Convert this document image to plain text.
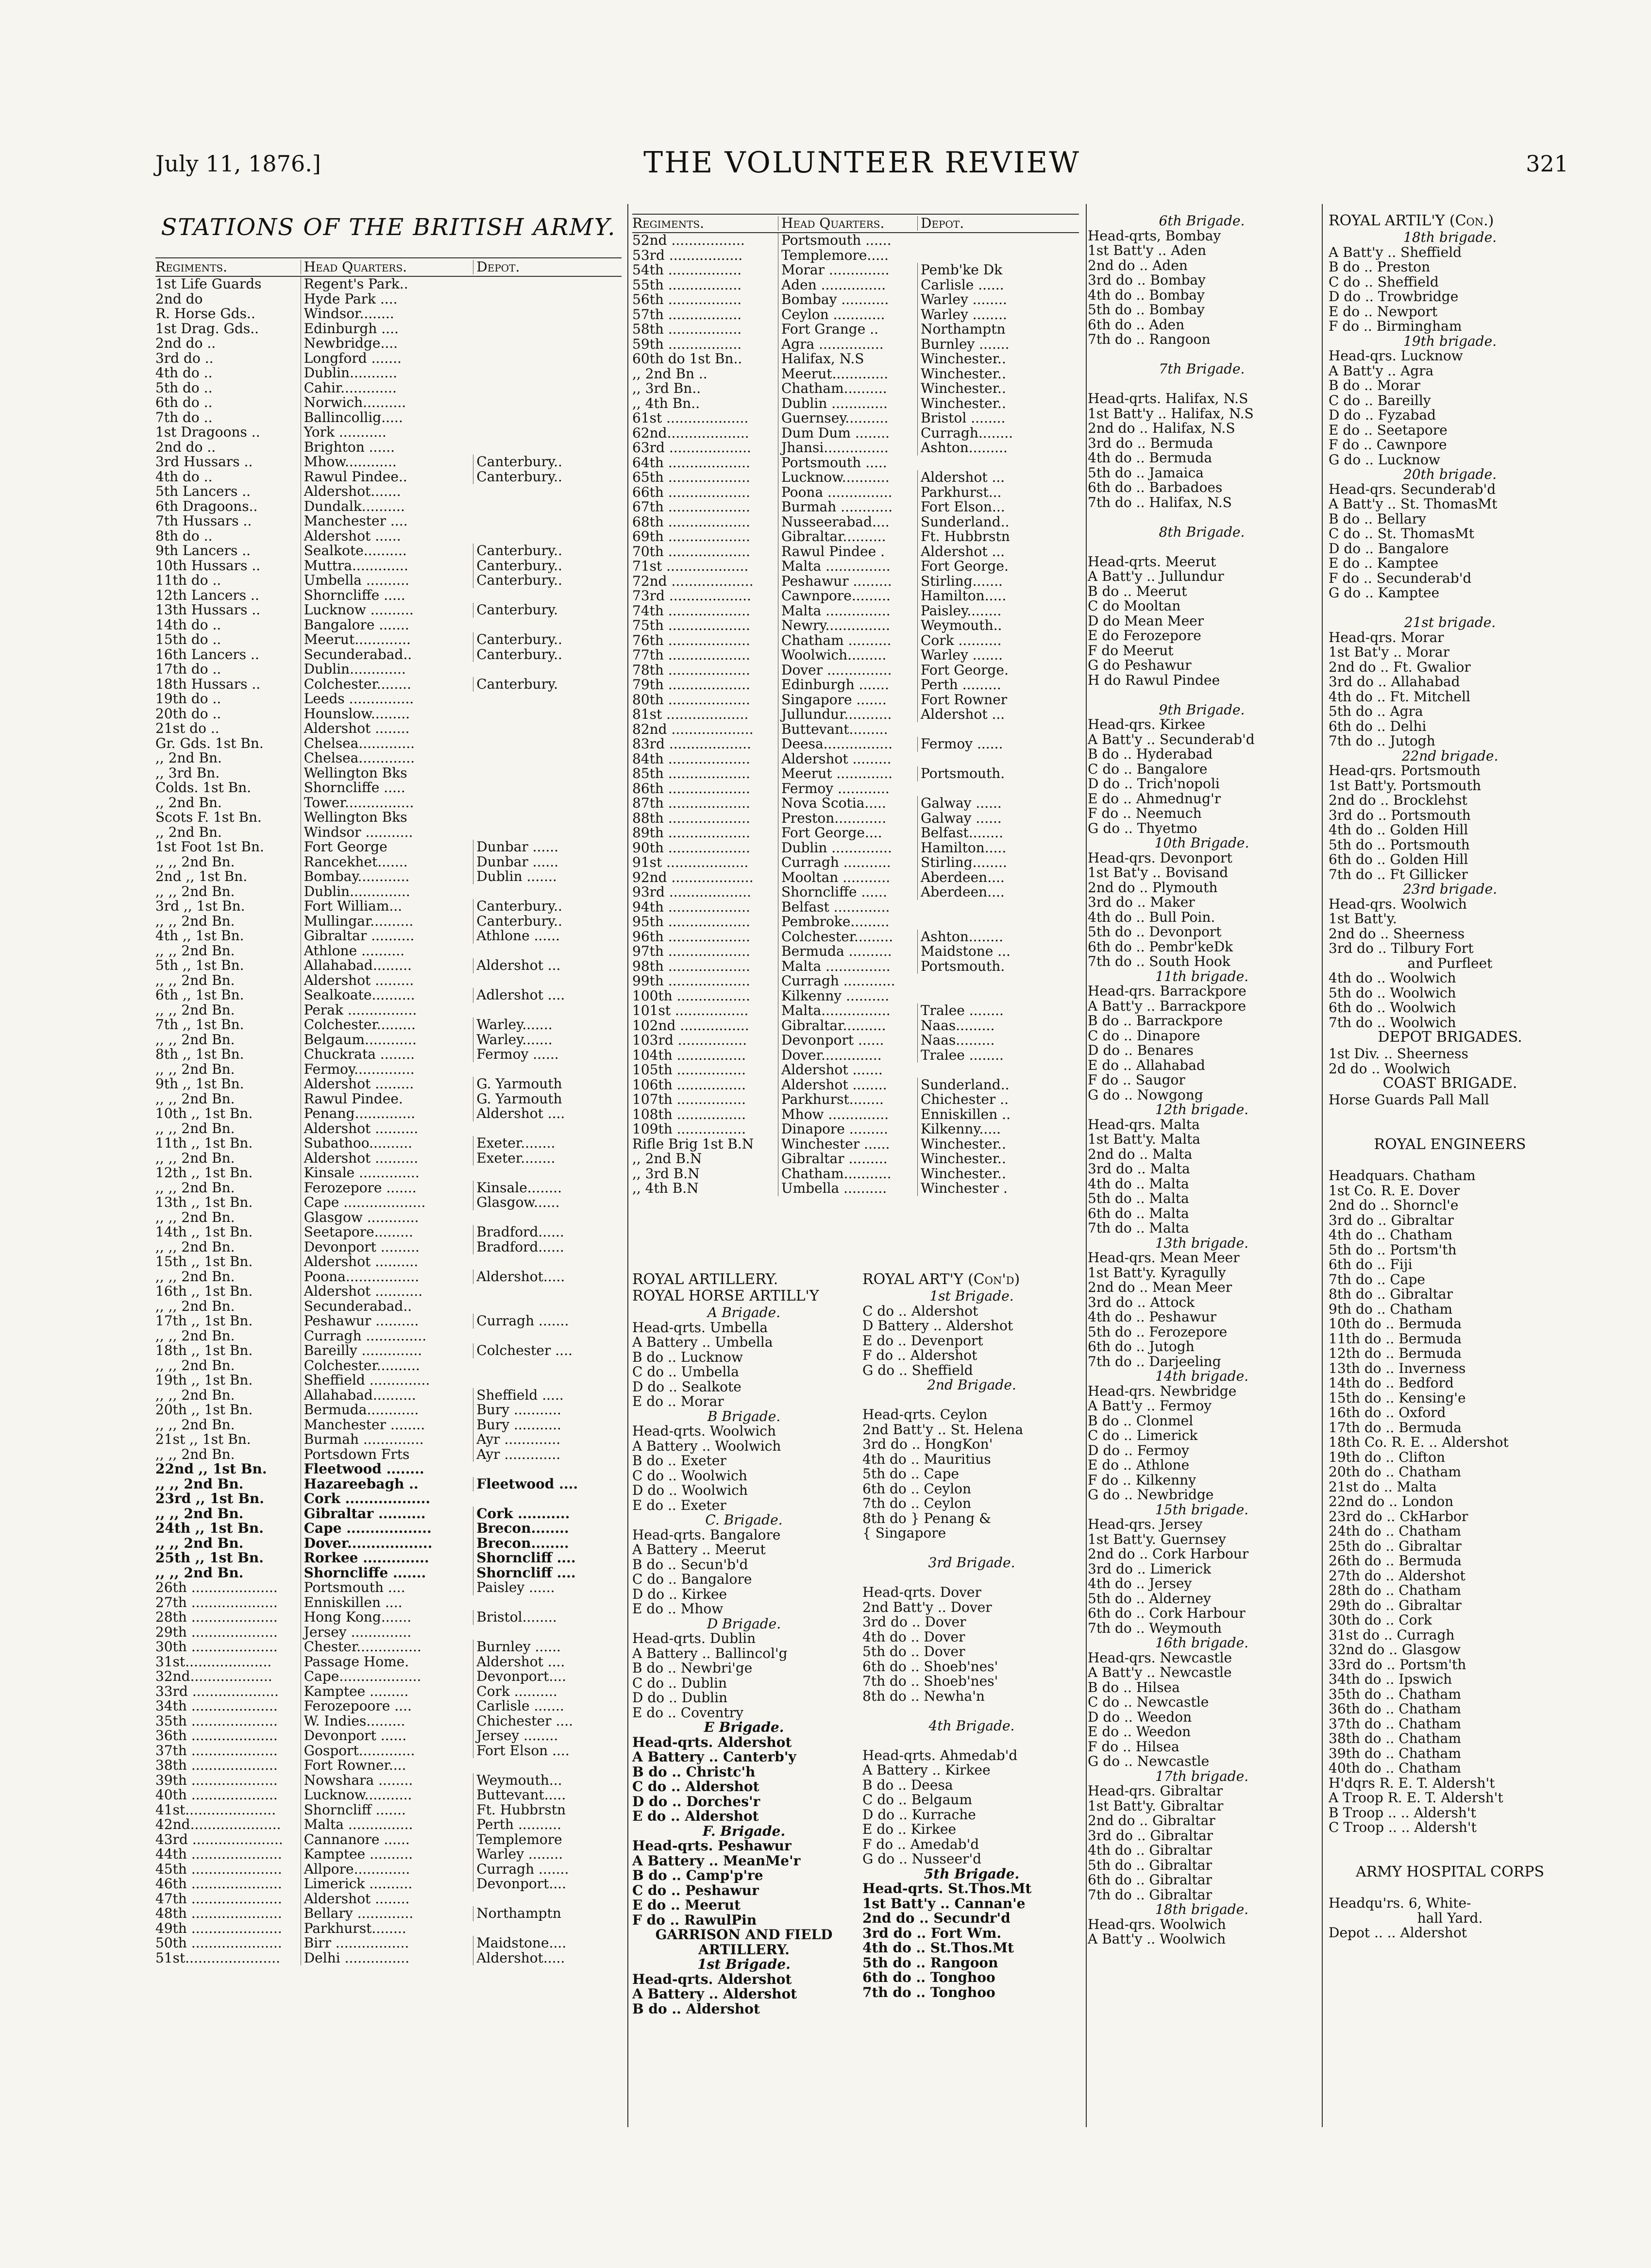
July 11, 1876.]	THE VOLUNTEER REVIEW	321
STATIONS OF THE BRITISH ARMY.
Regiments.	Head Quarters.	Depot.
1st Life Guards	Regent's Park..
2nd do	Hyde Park ....
R. Horse Gds..	Windsor........
1st Drag. Gds..	Edinburgh ....
2nd do ..	Newbridge....
3rd do ..	Longford .......
4th do ..	Dublin...........
5th do ..	Cahir.............
6th do ..	Norwich..........
7th do ..	Ballincollig.....
1st Dragoons ..	York ...........
2nd do ..	Brighton ......
3rd Hussars ..	Mhow............	Canterbury..
4th do ..	Rawul Pindee..	Canterbury..
5th Lancers ..	Aldershot.......
6th Dragoons..	Dundalk..........
7th Hussars ..	Manchester ....
8th do ..	Aldershot ......
9th Lancers ..	Sealkote..........	Canterbury..
10th Hussars ..	Muttra.............	Canterbury..
11th do ..	Umbella ..........	Canterbury..
12th Lancers ..	Shorncliffe .....
13th Hussars ..	Lucknow ..........	Canterbury.
14th do ..	Bangalore .......
15th do ..	Meerut.............	Canterbury..
16th Lancers ..	Secunderabad..	Canterbury..
17th do ..	Dublin.............
18th Hussars ..	Colchester........	Canterbury.
19th do ..	Leeds ...............
20th do ..	Hounslow.........
21st do ..	Aldershot ........
Gr. Gds. 1st Bn.	Chelsea.............
,, 2nd Bn.	Chelsea.............
,, 3rd Bn.	Wellington Bks
Colds. 1st Bn.	Shorncliffe .....
,, 2nd Bn.	Tower................
Scots F. 1st Bn.	Wellington Bks
,, 2nd Bn.	Windsor ...........
1st Foot 1st Bn.	Fort George	Dunbar ......
,, ,, 2nd Bn.	Rancekhet.......	Dunbar ......
2nd ,, 1st Bn.	Bombay............	Dublin .......
,, ,, 2nd Bn.	Dublin..............
3rd ,, 1st Bn.	Fort William...	Canterbury..
,, ,, 2nd Bn.	Mullingar..........	Canterbury..
4th ,, 1st Bn.	Gibraltar ..........	Athlone ......
,, ,, 2nd Bn.	Athlone ..........
5th ,, 1st Bn.	Allahabad.........	Aldershot ...
,, ,, 2nd Bn.	Aldershot .........
6th ,, 1st Bn.	Sealkoate..........	Adlershot ....
,, ,, 2nd Bn.	Perak ................
7th ,, 1st Bn.	Colchester.........	Warley.......
,, ,, 2nd Bn.	Belgaum............	Warley.......
8th ,, 1st Bn.	Chuckrata ........	Fermoy ......
,, ,, 2nd Bn.	Fermoy..............
9th ,, 1st Bn.	Aldershot .........	G. Yarmouth
,, ,, 2nd Bn.	Rawul Pindee.	G. Yarmouth
10th ,, 1st Bn.	Penang..............	Aldershot ....
,, ,, 2nd Bn.	Aldershot ..........
11th ,, 1st Bn.	Subathoo..........	Exeter........
,, ,, 2nd Bn.	Aldershot ..........	Exeter........
12th ,, 1st Bn.	Kinsale ..............
,, ,, 2nd Bn.	Ferozepore .......	Kinsale........
13th ,, 1st Bn.	Cape ...................	Glasgow......
,, ,, 2nd Bn.	Glasgow ............
14th ,, 1st Bn.	Seetapore.........	Bradford......
,, ,, 2nd Bn.	Devonport .........	Bradford......
15th ,, 1st Bn.	Aldershot ..........
,, ,, 2nd Bn.	Poona.................	Aldershot.....
16th ,, 1st Bn.	Aldershot ...........
,, ,, 2nd Bn.	Secunderabad..
17th ,, 1st Bn.	Peshawur ..........	Curragh .......
,, ,, 2nd Bn.	Curragh ..............
18th ,, 1st Bn.	Bareilly ..............	Colchester ....
,, ,, 2nd Bn.	Colchester..........
19th ,, 1st Bn.	Sheffield ..............
,, ,, 2nd Bn.	Allahabad..........	Sheffield .....
20th ,, 1st Bn.	Bermuda............	Bury ...........
,, ,, 2nd Bn.	Manchester ........	Bury ...........
21st ,, 1st Bn.	Burmah ..............	Ayr .............
,, ,, 2nd Bn.	Portsdown Frts	Ayr .............
22nd ,, 1st Bn.	Fleetwood ........
,, ,, 2nd Bn.	Hazareebagh ..	Fleetwood ....
23rd ,, 1st Bn.	Cork ..................
,, ,, 2nd Bn.	Gibraltar ..........	Cork ...........
24th ,, 1st Bn.	Cape ..................	Brecon........
,, ,, 2nd Bn.	Dover..................	Brecon........
25th ,, 1st Bn.	Rorkee ..............	Shorncliff ....
,, ,, 2nd Bn.	Shorncliffe .......	Shorncliff ....
26th ....................	Portsmouth ....	Paisley ......
27th ....................	Enniskillen ....
28th ....................	Hong Kong.......	Bristol........
29th ....................	Jersey ..............
30th ....................	Chester...............	Burnley ......
31st....................	Passage Home.	Aldershot ....
32nd...................	Cape...................	Devonport....
33rd ....................	Kamptee .........	Cork ..........
34th ....................	Ferozepoore ....	Carlisle .......
35th ....................	W. Indies.........	Chichester ....
36th ....................	Devonport ......	Jersey ........
37th ....................	Gosport.............	Fort Elson ....
38th ....................	Fort Rowner....
39th ....................	Nowshara ........	Weymouth...
40th ....................	Lucknow...........	Buttevant.....
41st.....................	Shorncliff .......	Ft. Hubbrstn
42nd.....................	Malta ...............	Perth ..........
43rd .....................	Cannanore ......	Templemore
44th .....................	Kamptee ..........	Warley ........
45th .....................	Allpore.............	Curragh .......
46th .....................	Limerick ..........	Devonport....
47th .....................	Aldershot ........
48th .....................	Bellary .............	Northamptn
49th .....................	Parkhurst........
50th .....................	Birr .................	Maidstone....
51st......................	Delhi ...............	Aldershot.....
Regiments.	Head Quarters.	Depot.
52nd .................	Portsmouth ......
53rd .................	Templemore.....
54th .................	Morar ..............	Pemb'ke Dk
55th .................	Aden ...............	Carlisle ......
56th .................	Bombay ...........	Warley ........
57th .................	Ceylon ............	Warley ........
58th .................	Fort Grange ..	Northamptn
59th .................	Agra ...............	Burnley .......
60th do 1st Bn..	Halifax, N.S	Winchester..
,, 2nd Bn ..	Meerut.............	Winchester..
,, 3rd Bn..	Chatham..........	Winchester..
,, 4th Bn..	Dublin .............	Winchester..
61st ...................	Guernsey..........	Bristol ........
62nd...................	Dum Dum ........	Curragh........
63rd ...................	Jhansi...............	Ashton.........
64th ...................	Portsmouth .....
65th ...................	Lucknow...........	Aldershot ...
66th ...................	Poona ...............	Parkhurst...
67th ...................	Burmah ............	Fort Elson...
68th ...................	Nusseerabad....	Sunderland..
69th ...................	Gibraltar..........	Ft. Hubbrstn
70th ...................	Rawul Pindee .	Aldershot ...
71st ...................	Malta ...............	Fort George.
72nd ...................	Peshawur .........	Stirling.......
73rd ...................	Cawnpore.........	Hamilton.....
74th ...................	Malta ...............	Paisley........
75th ...................	Newry...............	Weymouth..
76th ...................	Chatham ..........	Cork ..........
77th ...................	Woolwich.........	Warley .......
78th ...................	Dover ...............	Fort George.
79th ...................	Edinburgh .......	Perth .........
80th ...................	Singapore .......	Fort Rowner
81st ...................	Jullundur...........	Aldershot ...
82nd ...................	Buttevant.........
83rd ...................	Deesa................	Fermoy ......
84th ...................	Aldershot .........
85th ...................	Meerut .............	Portsmouth.
86th ...................	Fermoy ............
87th ...................	Nova Scotia.....	Galway ......
88th ...................	Preston............	Galway ......
89th ...................	Fort George....	Belfast........
90th ...................	Dublin ..............	Hamilton.....
91st ...................	Curragh ...........	Stirling........
92nd ...................	Mooltan ...........	Aberdeen....
93rd ...................	Shorncliffe ......	Aberdeen....
94th ...................	Belfast .............
95th ...................	Pembroke.........
96th ...................	Colchester.........	Ashton........
97th ...................	Bermuda ..........	Maidstone ...
98th ...................	Malta ...............	Portsmouth.
99th ...................	Curragh ............
100th .................	Kilkenny ..........
101st .................	Malta................	Tralee ........
102nd ................	Gibraltar..........	Naas.........
103rd ................	Devonport ......	Naas.........
104th ................	Dover..............	Tralee ........
105th ................	Aldershot .......
106th ................	Aldershot ........	Sunderland..
107th ................	Parkhurst........	Chichester ..
108th ................	Mhow ..............	Enniskillen ..
109th ................	Dinapore .........	Kilkenny.....
Rifle Brig 1st B.N	Winchester ......	Winchester..
,, 2nd B.N	Gibraltar .........	Winchester..
,, 3rd B.N	Chatham...........	Winchester..
,, 4th B.N	Umbella ..........	Winchester .
ROYAL ARTILLERY.
ROYAL HORSE ARTILL'Y
A Brigade.
Head-qrts. Umbella
A Battery .. Umbella
B do .. Lucknow
C do .. Umbella
D do .. Sealkote
E do .. Morar
B Brigade.
Head-qrts. Woolwich
A Battery .. Woolwich
B do .. Exeter
C do .. Woolwich
D do .. Woolwich
E do .. Exeter
C. Brigade.
Head-qrts. Bangalore
A Battery .. Meerut
B do .. Secun'b'd
C do .. Bangalore
D do .. Kirkee
E do .. Mhow
D Brigade.
Head-qrts. Dublin
A Battery .. Ballincol'g
B do .. Newbri'ge
C do .. Dublin
D do .. Dublin
E do .. Coventry
E Brigade.
Head-qrts. Aldershot
A Battery .. Canterb'y
B do .. Christc'h
C do .. Aldershot
D do .. Dorches'r
E do .. Aldershot
F. Brigade.
Head-qrts. Peshawur
A Battery .. MeanMe'r
B do .. Camp'p're
C do .. Peshawur
E do .. Meerut
F do .. RawulPin
GARRISON AND FIELD
ARTILLERY.
1st Brigade.
Head-qrts. Aldershot
A Battery .. Aldershot
B do .. Aldershot
ROYAL ART'Y (Con'd)
1st Brigade.
C do .. Aldershot
D Battery .. Aldershot
E do .. Devenport
F do .. Aldershot
G do .. Sheffield
2nd Brigade.
Head-qrts. Ceylon
2nd Batt'y .. St. Helena
3rd do .. HongKon'
4th do .. Mauritius
5th do .. Cape
6th do .. Ceylon
7th do .. Ceylon
8th do } Penang &
{ Singapore
3rd Brigade.
Head-qrts. Dover
2nd Batt'y .. Dover
3rd do .. Dover
4th do .. Dover
5th do .. Dover
6th do .. Shoeb'nes'
7th do .. Shoeb'nes'
8th do .. Newha'n
4th Brigade.
Head-qrts. Ahmedab'd
A Battery .. Kirkee
B do .. Deesa
C do .. Belgaum
D do .. Kurrache
E do .. Kirkee
F do .. Amedab'd
G do .. Nusseer'd
5th Brigade.
Head-qrts. St.Thos.Mt
1st Batt'y .. Cannan'e
2nd do .. Secundr'd
3rd do .. Fort Wm.
4th do .. St.Thos.Mt
5th do .. Rangoon
6th do .. Tonghoo
7th do .. Tonghoo
6th Brigade.
Head-qrts, Bombay
1st Batt'y .. Aden
2nd do .. Aden
3rd do .. Bombay
4th do .. Bombay
5th do .. Bombay
6th do .. Aden
7th do .. Rangoon
7th Brigade.
Head-qrts. Halifax, N.S
1st Batt'y .. Halifax, N.S
2nd do .. Halifax, N.S
3rd do .. Bermuda
4th do .. Bermuda
5th do .. Jamaica
6th do .. Barbadoes
7th do .. Halifax, N.S
8th Brigade.
Head-qrts. Meerut
A Batt'y .. Jullundur
B do .. Meerut
C do Mooltan
D do Mean Meer
E do Ferozepore
F do Meerut
G do Peshawur
H do Rawul Pindee
9th Brigade.
Head-qrs. Kirkee
A Batt'y .. Secunderab'd
B do .. Hyderabad
C do .. Bangalore
D do .. Trich'nopoli
E do .. Ahmednug'r
F do .. Neemuch
G do .. Thyetmo
10th Brigade.
Head-qrs. Devonport
1st Bat'y .. Bovisand
2nd do .. Plymouth
3rd do .. Maker
4th do .. Bull Poin.
5th do .. Devonport
6th do .. Pembr'keDk
7th do .. South Hook
11th brigade.
Head-qrs. Barrackpore
A Batt'y .. Barrackpore
B do .. Barrackpore
C do .. Dinapore
D do .. Benares
E do .. Allahabad
F do .. Saugor
G do .. Nowgong
12th brigade.
Head-qrs. Malta
1st Batt'y. Malta
2nd do .. Malta
3rd do .. Malta
4th do .. Malta
5th do .. Malta
6th do .. Malta
7th do .. Malta
13th brigade.
Head-qrs. Mean Meer
1st Batt'y. Kyragully
2nd do .. Mean Meer
3rd do .. Attock
4th do .. Peshawur
5th do .. Ferozepore
6th do .. Jutogh
7th do .. Darjeeling
14th brigade.
Head-qrs. Newbridge
A Batt'y .. Fermoy
B do .. Clonmel
C do .. Limerick
D do .. Fermoy
E do .. Athlone
F do .. Kilkenny
G do .. Newbridge
15th brigade.
Head-qrs. Jersey
1st Batt'y. Guernsey
2nd do .. Cork Harbour
3rd do .. Limerick
4th do .. Jersey
5th do .. Alderney
6th do .. Cork Harbour
7th do .. Weymouth
16th brigade.
Head-qrs. Newcastle
A Batt'y .. Newcastle
B do .. Hilsea
C do .. Newcastle
D do .. Weedon
E do .. Weedon
F do .. Hilsea
G do .. Newcastle
17th brigade.
Head-qrs. Gibraltar
1st Batt'y. Gibraltar
2nd do .. Gibraltar
3rd do .. Gibraltar
4th do .. Gibraltar
5th do .. Gibraltar
6th do .. Gibraltar
7th do .. Gibraltar
18th brigade.
Head-qrs. Woolwich
A Batt'y .. Woolwich
ROYAL ARTIL'Y (Con.)
18th brigade.
A Batt'y .. Sheffield
B do .. Preston
C do .. Sheffield
D do .. Trowbridge
E do .. Newport
F do .. Birmingham
19th brigade.
Head-qrs. Lucknow
A Batt'y .. Agra
B do .. Morar
C do .. Bareilly
D do .. Fyzabad
E do .. Seetapore
F do .. Cawnpore
G do .. Lucknow
20th brigade.
Head-qrs. Secunderab'd
A Batt'y .. St. ThomasMt
B do .. Bellary
C do .. St. ThomasMt
D do .. Bangalore
E do .. Kamptee
F do .. Secunderab'd
G do .. Kamptee
21st brigade.
Head-qrs. Morar
1st Bat'y .. Morar
2nd do .. Ft. Gwalior
3rd do .. Allahabad
4th do .. Ft. Mitchell
5th do .. Agra
6th do .. Delhi
7th do .. Jutogh
22nd brigade.
Head-qrs. Portsmouth
1st Batt'y. Portsmouth
2nd do .. Brocklehst
3rd do .. Portsmouth
4th do .. Golden Hill
5th do .. Portsmouth
6th do .. Golden Hill
7th do .. Ft Gillicker
23rd brigade.
Head-qrs. Woolwich
1st Batt'y.
2nd do .. Sheerness
3rd do .. Tilbury Fort
and Purfleet
4th do .. Woolwich
5th do .. Woolwich
6th do .. Woolwich
7th do .. Woolwich
DEPOT BRIGADES.
1st Div. .. Sheerness
2d do .. Woolwich
COAST BRIGADE.
Horse Guards Pall Mall
ROYAL ENGINEERS
Headquars. Chatham
1st Co. R. E. Dover
2nd do .. Shorncl'e
3rd do .. Gibraltar
4th do .. Chatham
5th do .. Portsm'th
6th do .. Fiji
7th do .. Cape
8th do .. Gibraltar
9th do .. Chatham
10th do .. Bermuda
11th do .. Bermuda
12th do .. Bermuda
13th do .. Inverness
14th do .. Bedford
15th do .. Kensing'e
16th do .. Oxford
17th do .. Bermuda
18th Co. R. E. .. Aldershot
19th do .. Clifton
20th do .. Chatham
21st do .. Malta
22nd do .. London
23rd do .. CkHarbor
24th do .. Chatham
25th do .. Gibraltar
26th do .. Bermuda
27th do .. Aldershot
28th do .. Chatham
29th do .. Gibraltar
30th do .. Cork
31st do .. Curragh
32nd do .. Glasgow
33rd do .. Portsm'th
34th do .. Ipswich
35th do .. Chatham
36th do .. Chatham
37th do .. Chatham
38th do .. Chatham
39th do .. Chatham
40th do .. Chatham
H'dqrs R. E. T. Aldersh't
A Troop R. E. T. Aldersh't
B Troop .. .. Aldersh't
C Troop .. .. Aldersh't
ARMY HOSPITAL CORPS
Headqu'rs. 6, White-
hall Yard.
Depot .. .. Aldershot
